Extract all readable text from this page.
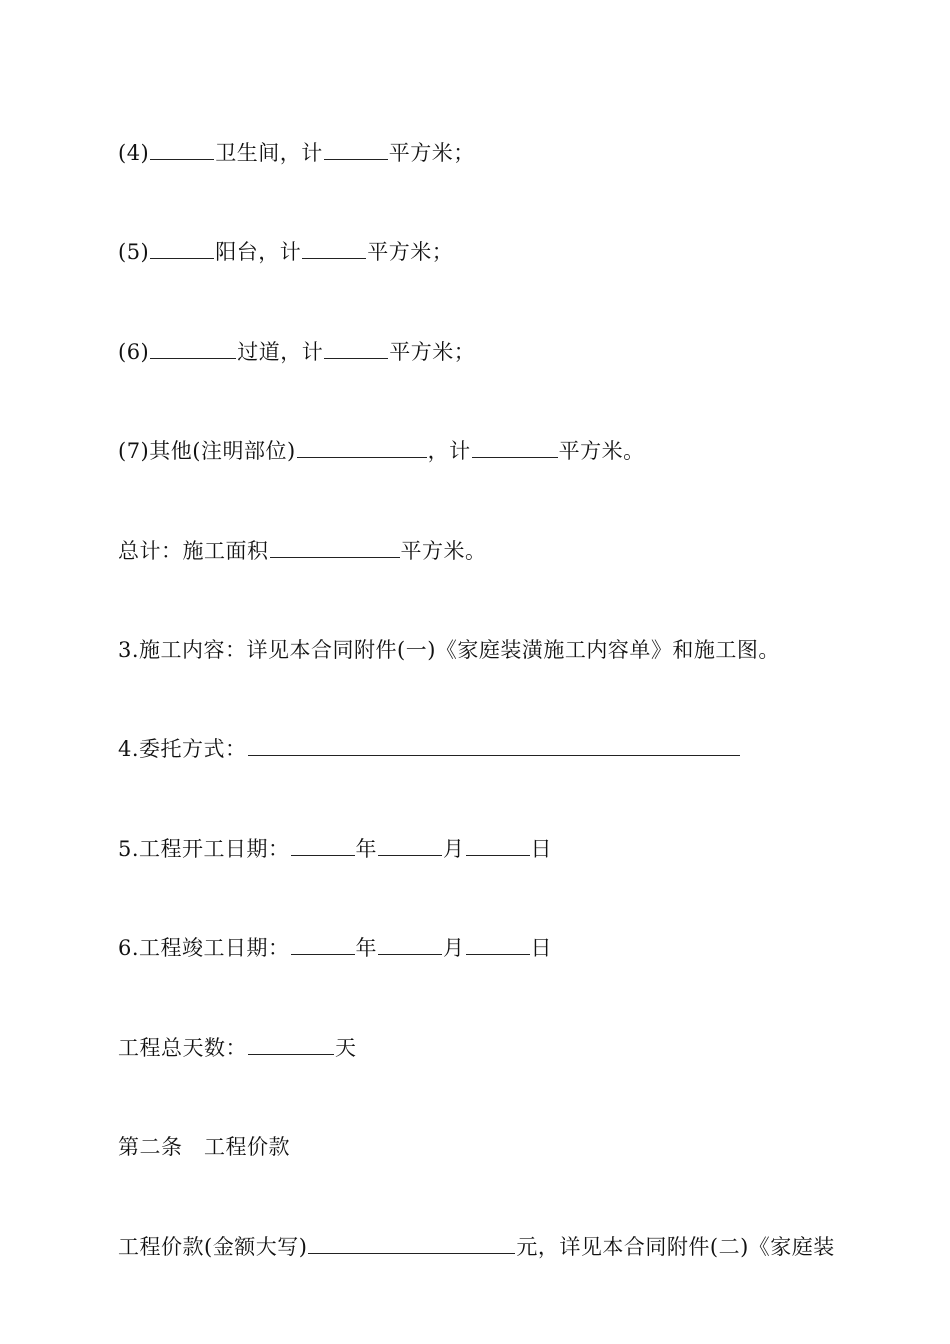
(4)	卫生间，计	平方米；
(5)	阳台，计	平方米；
(6)	过道，计	平方米；
(7)其他(注明部位)	，计	平方米。
总计：施工面积	平方米。
3.施工内容：详见本合同附件(一)《家庭装潢施工内容单》和施工图。
4.委托方式：
5.工程开工日期：	年	月	日
6.工程竣工日期：	年	月	日
工程总天数：	天
第二条　工程价款
工程价款(金额大写)	元，详见本合同附件(二)《家庭装
